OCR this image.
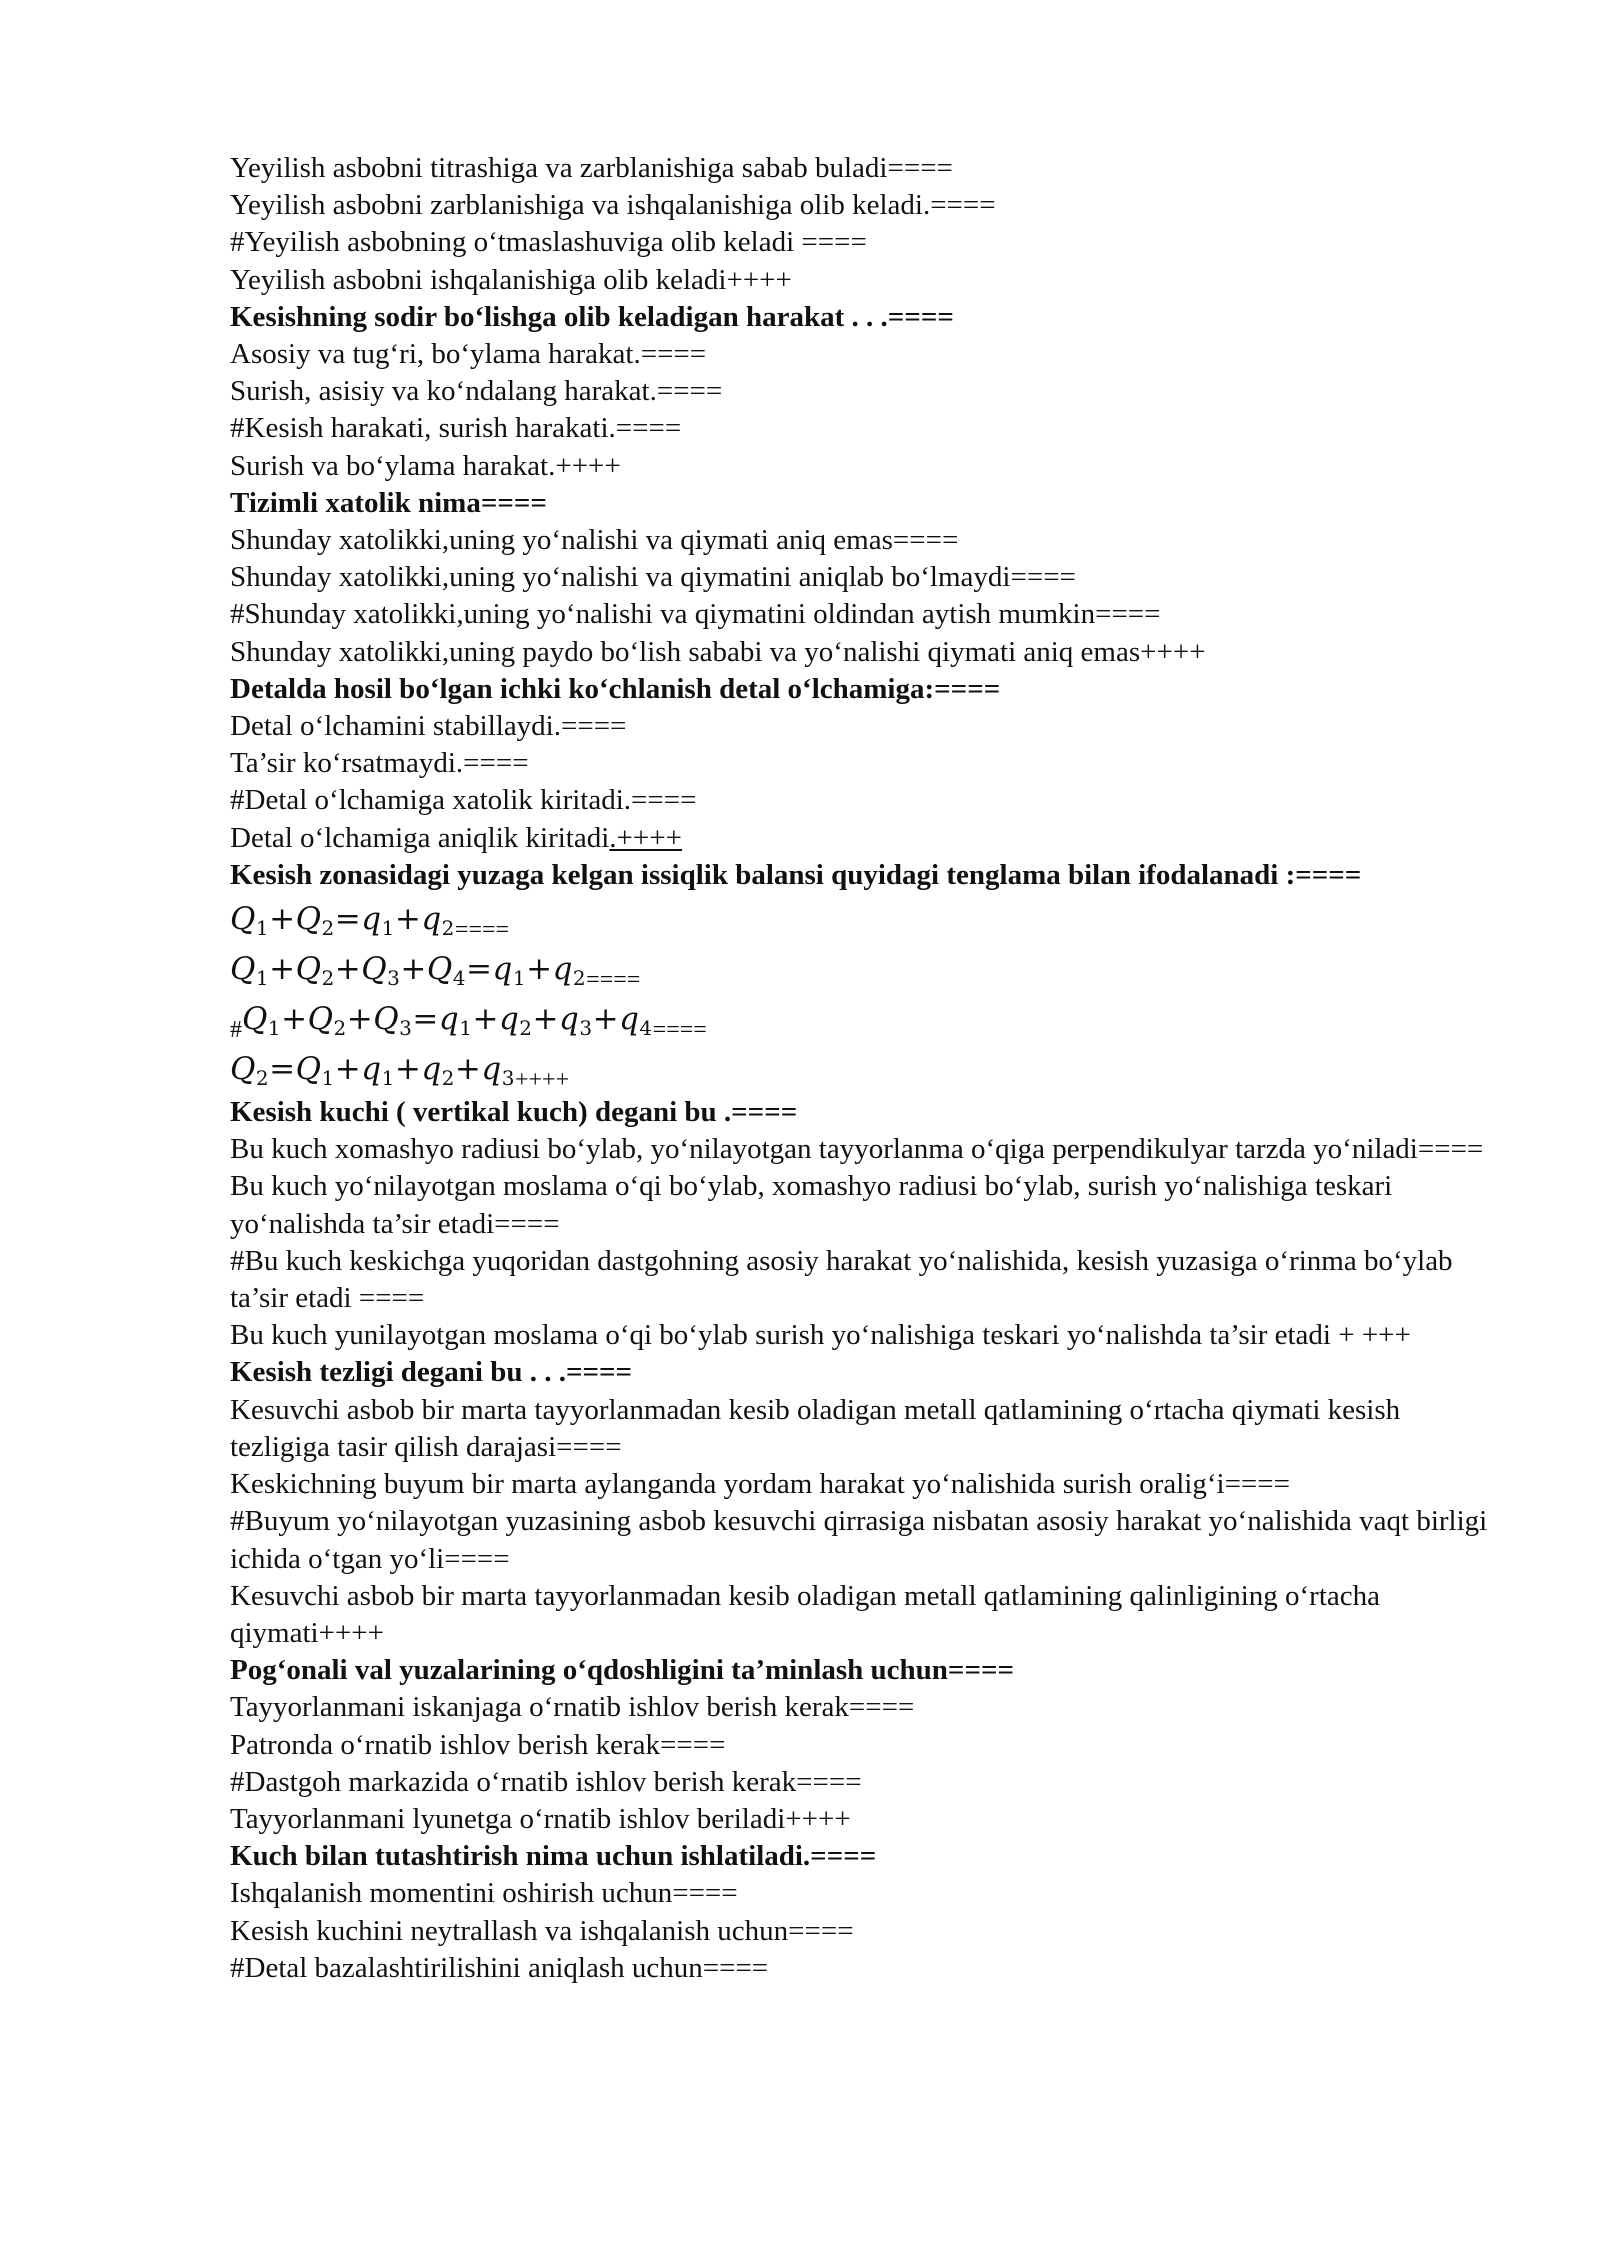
Yeyilish asbobni titrashiga va zarblanishiga sabab buladi====
Yeyilish asbobni zarblanishiga va ishqalanishiga olib keladi.====
#Yeyilish asbobning o‘tmaslashuviga olib keladi ====
Yeyilish asbobni ishqalanishiga olib keladi++++
Kesishning sodir bo‘lishga olib keladigan harakat . . .====
Asosiy va tug‘ri, bo‘ylama harakat.====
Surish, asisiy va ko‘ndalang harakat.====
#Kesish harakati, surish harakati.====
Surish va bo‘ylama harakat.++++
Tizimli xatolik nima====
Shunday xatolikki,uning yo‘nalishi va qiymati aniq emas====
Shunday xatolikki,uning yo‘nalishi va qiymatini aniqlab bo‘lmaydi====
#Shunday xatolikki,uning yo‘nalishi va qiymatini oldindan aytish mumkin====
Shunday xatolikki,uning paydo bo‘lish sababi va yo‘nalishi qiymati aniq emas++++
Detalda hosil bo‘lgan ichki ko‘chlanish detal o‘lchamiga:====
Detal o‘lchamini stabillaydi.====
Ta’sir ko‘rsatmaydi.====
#Detal o‘lchamiga xatolik kiritadi.====
Detal o‘lchamiga aniqlik kiritadi.++++
Kesish zonasidagi yuzaga kelgan issiqlik balansi quyidagi tenglama bilan ifodalanadi :====
$Q_1+Q_2=q_1+q_{2====}$
$Q_1+Q_2+Q_3+Q_4=q_1+q_{2====}$
$_{\#}Q_1+Q_2+Q_3=q_1+q_2+q_3+q_{4====}$
$Q_2=Q_1+q_1+q_2+q_{3++++}$
Kesish kuchi ( vertikal kuch) degani bu .====
Bu kuch xomashyo radiusi bo‘ylab, yo‘nilayotgan tayyorlanma o‘qiga perpendikulyar tarzda yo‘niladi====
Bu kuch yo‘nilayotgan moslama o‘qi bo‘ylab, xomashyo radiusi bo‘ylab, surish yo‘nalishiga teskari yo‘nalishda ta’sir etadi====
#Bu kuch keskichga yuqoridan dastgohning asosiy harakat yo‘nalishida, kesish yuzasiga o‘rinma bo‘ylab ta’sir etadi ====
Bu kuch yunilayotgan moslama o‘qi bo‘ylab surish yo‘nalishiga teskari yo‘nalishda ta’sir etadi + +++
Kesish tezligi degani bu . . .====
Kesuvchi asbob bir marta tayyorlanmadan kesib oladigan metall qatlamining o‘rtacha qiymati kesish tezligiga tasir qilish darajasi====
Keskichning buyum bir marta aylanganda yordam harakat yo‘nalishida surish oralig‘i====
#Buyum yo‘nilayotgan yuzasining asbob kesuvchi qirrasiga nisbatan asosiy harakat yo‘nalishida vaqt birligi ichida o‘tgan yo‘li====
Kesuvchi asbob bir marta tayyorlanmadan kesib oladigan metall qatlamining qalinligining o‘rtacha qiymati++++
Pog‘onali val yuzalarining o‘qdoshligini ta’minlash uchun====
Tayyorlanmani iskanjaga o‘rnatib ishlov berish kerak====
Patronda o‘rnatib ishlov berish kerak====
#Dastgoh markazida o‘rnatib ishlov berish kerak====
Tayyorlanmani lyunetga o‘rnatib ishlov beriladi++++
Kuch bilan tutashtirish nima uchun ishlatiladi.====
Ishqalanish momentini oshirish uchun====
Kesish kuchini neytrallash va ishqalanish uchun====
#Detal bazalashtirilishini aniqlash uchun====
